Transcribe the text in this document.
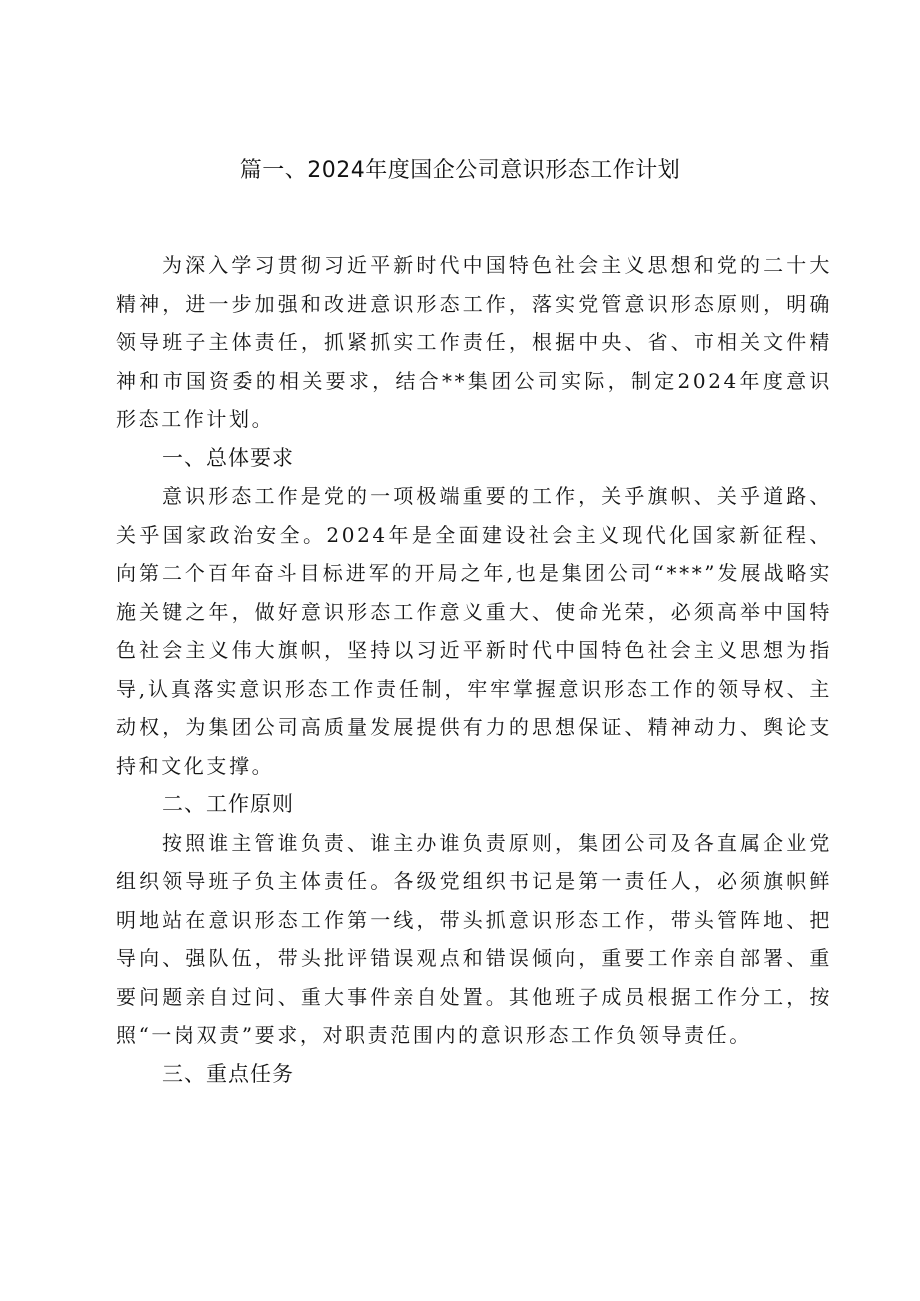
篇一、2024年度国企公司意识形态工作计划

为深入学习贯彻习近平新时代中国特色社会主义思想和党的二十大精神，进一步加强和改进意识形态工作，落实党管意识形态原则，明确领导班子主体责任，抓紧抓实工作责任，根据中央、省、市相关文件精神和市国资委的相关要求，结合**集团公司实际，制定2024年度意识形态工作计划。

一、总体要求

意识形态工作是党的一项极端重要的工作，关乎旗帜、关乎道路、关乎国家政治安全。2024年是全面建设社会主义现代化国家新征程、向第二个百年奋斗目标进军的开局之年,也是集团公司“***”发展战略实施关键之年，做好意识形态工作意义重大、使命光荣，必须高举中国特色社会主义伟大旗帜，坚持以习近平新时代中国特色社会主义思想为指导,认真落实意识形态工作责任制，牢牢掌握意识形态工作的领导权、主动权，为集团公司高质量发展提供有力的思想保证、精神动力、舆论支持和文化支撑。

二、工作原则

按照谁主管谁负责、谁主办谁负责原则，集团公司及各直属企业党组织领导班子负主体责任。各级党组织书记是第一责任人，必须旗帜鲜明地站在意识形态工作第一线，带头抓意识形态工作，带头管阵地、把导向、强队伍，带头批评错误观点和错误倾向，重要工作亲自部署、重要问题亲自过问、重大事件亲自处置。其他班子成员根据工作分工，按照“一岗双责”要求，对职责范围内的意识形态工作负领导责任。

三、重点任务
